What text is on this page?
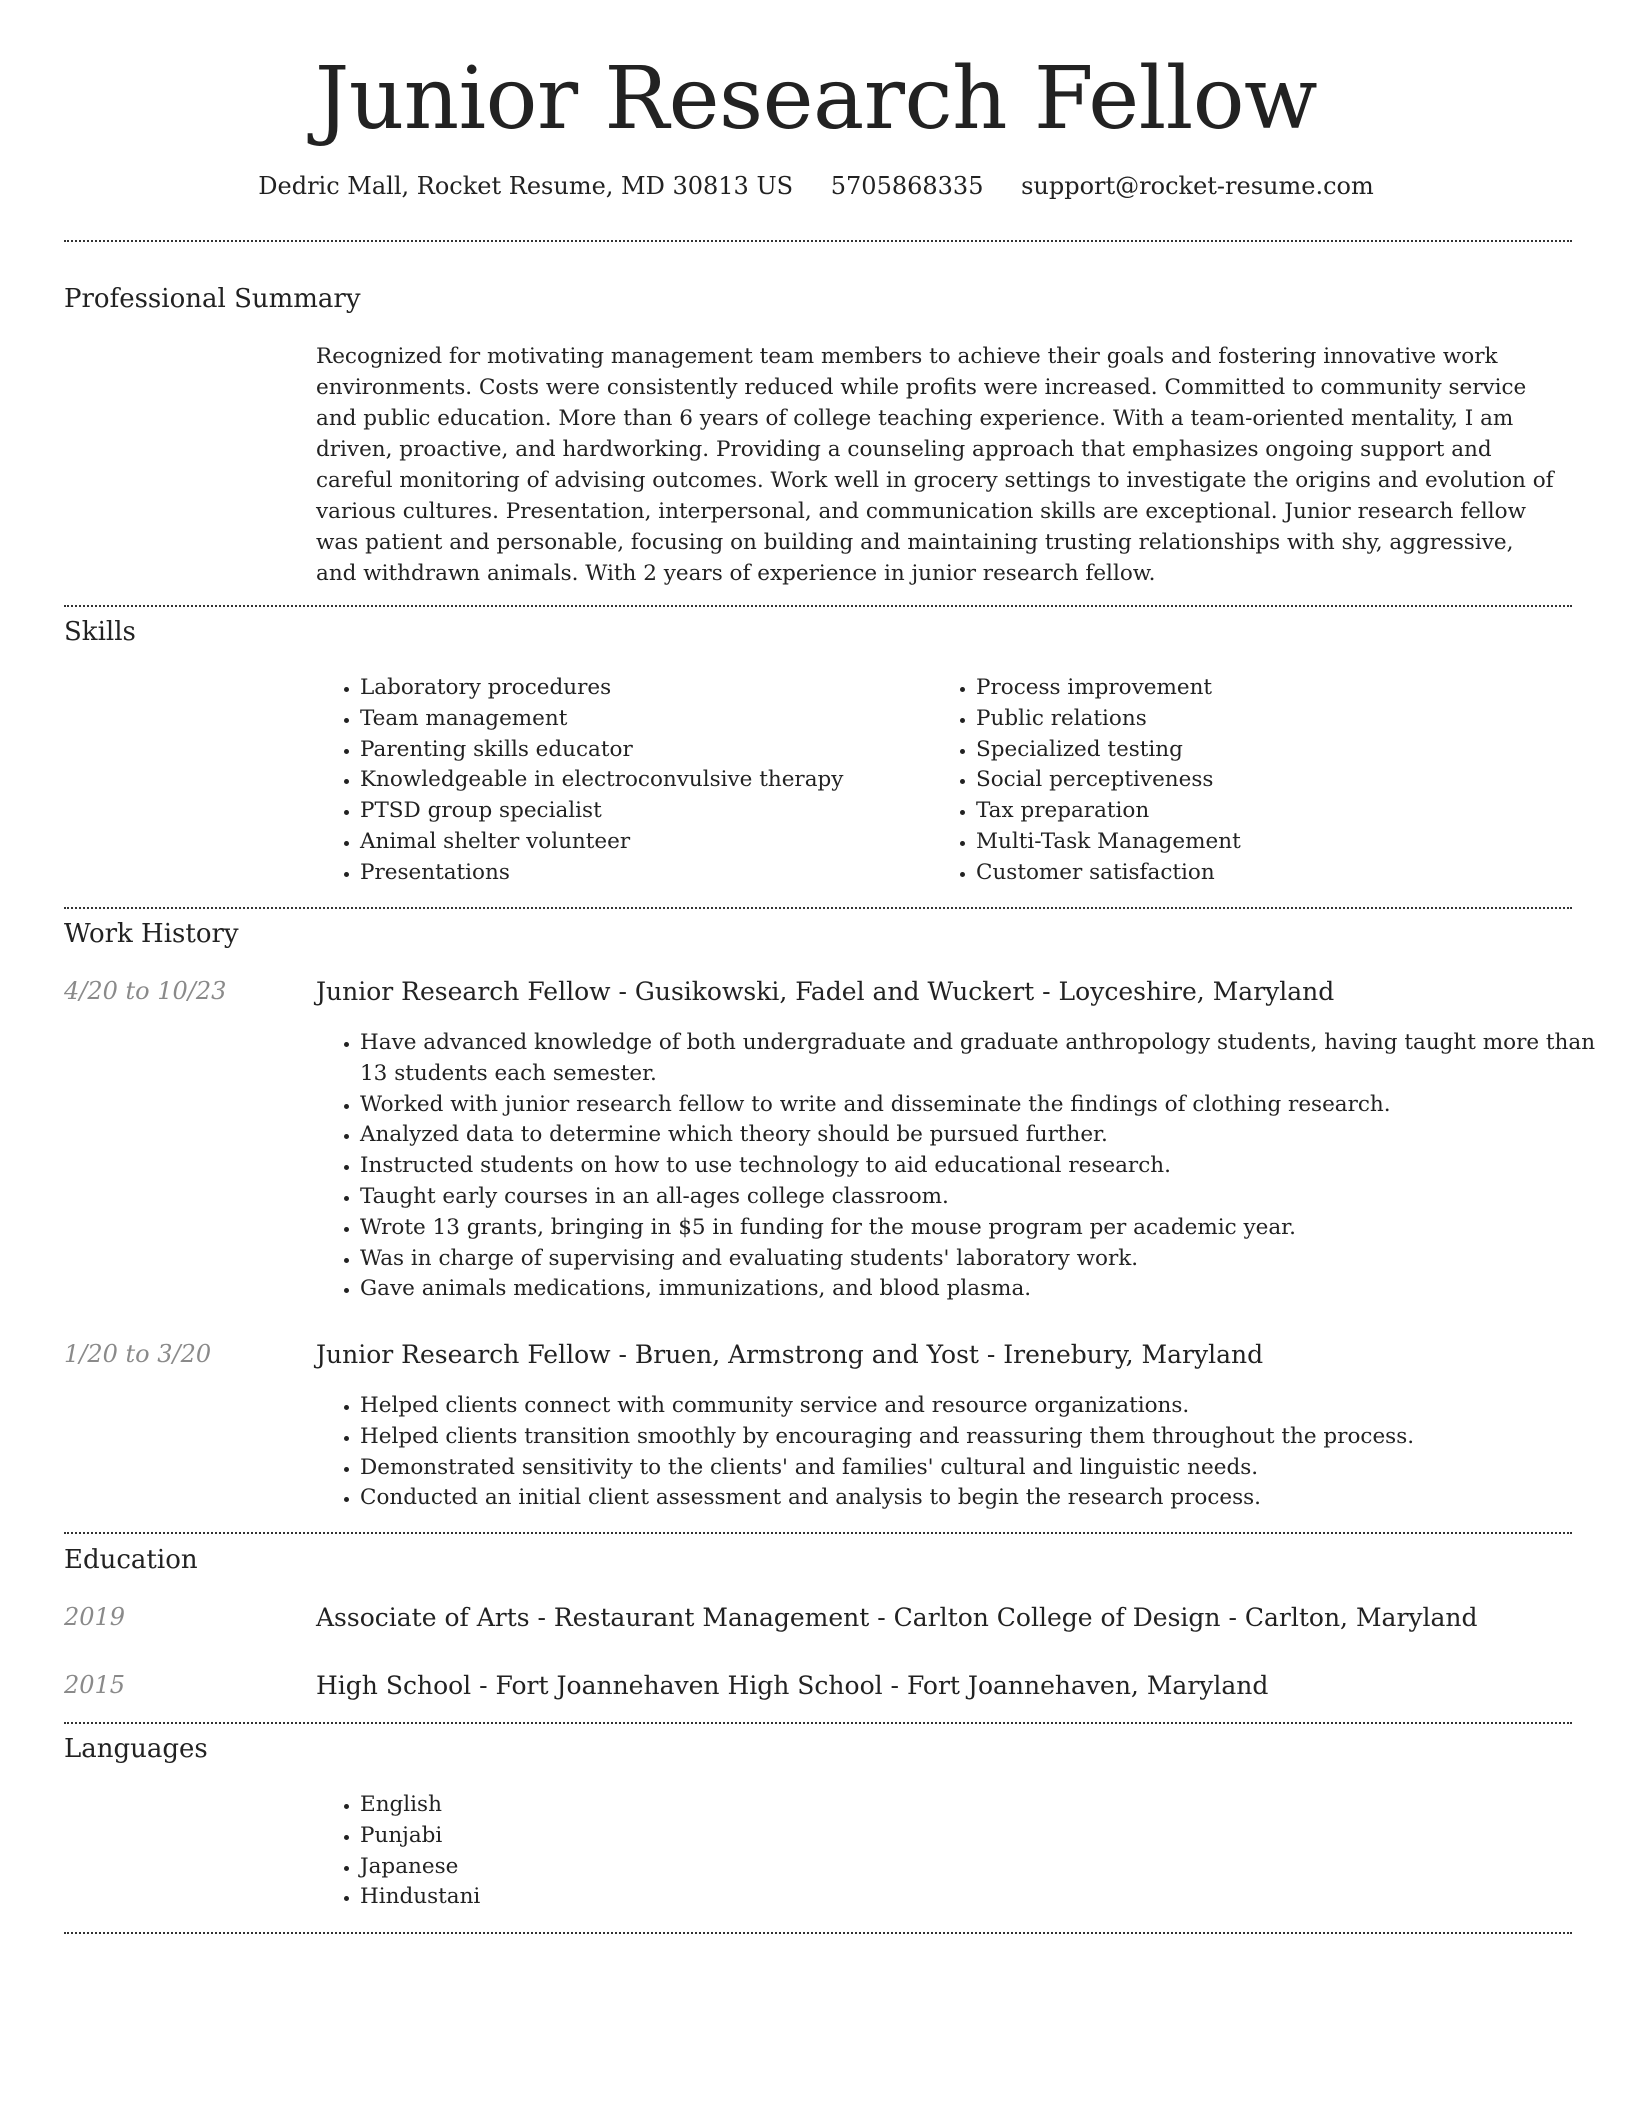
Junior Research Fellow
Dedric Mall, Rocket Resume, MD 30813 US 5705868335 support@rocket-resume.com
Professional Summary

Recognized for motivating management team members to achieve their goals and fostering innovative work environments. Costs were consistently reduced while profits were increased. Committed to community service and public education. More than 6 years of college teaching experience. With a team-oriented mentality, I am driven, proactive, and hardworking. Providing a counseling approach that emphasizes ongoing support and careful monitoring of advising outcomes. Work well in grocery settings to investigate the origins and evolution of various cultures. Presentation, interpersonal, and communication skills are exceptional. Junior research fellow was patient and personable, focusing on building and maintaining trusting relationships with shy, aggressive, and withdrawn animals. With 2 years of experience in junior research fellow.

Skills
• Laboratory procedures
• Team management
• Parenting skills educator
• Knowledgeable in electroconvulsive therapy
• PTSD group specialist
• Animal shelter volunteer
• Presentations
• Process improvement
• Public relations
• Specialized testing
• Social perceptiveness
• Tax preparation
• Multi-Task Management
• Customer satisfaction
Work History
4/20 to 10/23	Junior Research Fellow - Gusikowski, Fadel and Wuckert - Loyceshire, Maryland
• Have advanced knowledge of both undergraduate and graduate anthropology students, having taught more than 13 students each semester.
• Worked with junior research fellow to write and disseminate the findings of clothing research.
• Analyzed data to determine which theory should be pursued further.
• Instructed students on how to use technology to aid educational research.
• Taught early courses in an all-ages college classroom.
• Wrote 13 grants, bringing in $5 in funding for the mouse program per academic year.
• Was in charge of supervising and evaluating students' laboratory work.
• Gave animals medications, immunizations, and blood plasma.
1/20 to 3/20	Junior Research Fellow - Bruen, Armstrong and Yost - Irenebury, Maryland
• Helped clients connect with community service and resource organizations.
• Helped clients transition smoothly by encouraging and reassuring them throughout the process.
• Demonstrated sensitivity to the clients' and families' cultural and linguistic needs.
• Conducted an initial client assessment and analysis to begin the research process.
Education
2019	Associate of Arts - Restaurant Management - Carlton College of Design - Carlton, Maryland
2015	High School - Fort Joannehaven High School - Fort Joannehaven, Maryland
Languages
• English
• Punjabi
• Japanese
• Hindustani
